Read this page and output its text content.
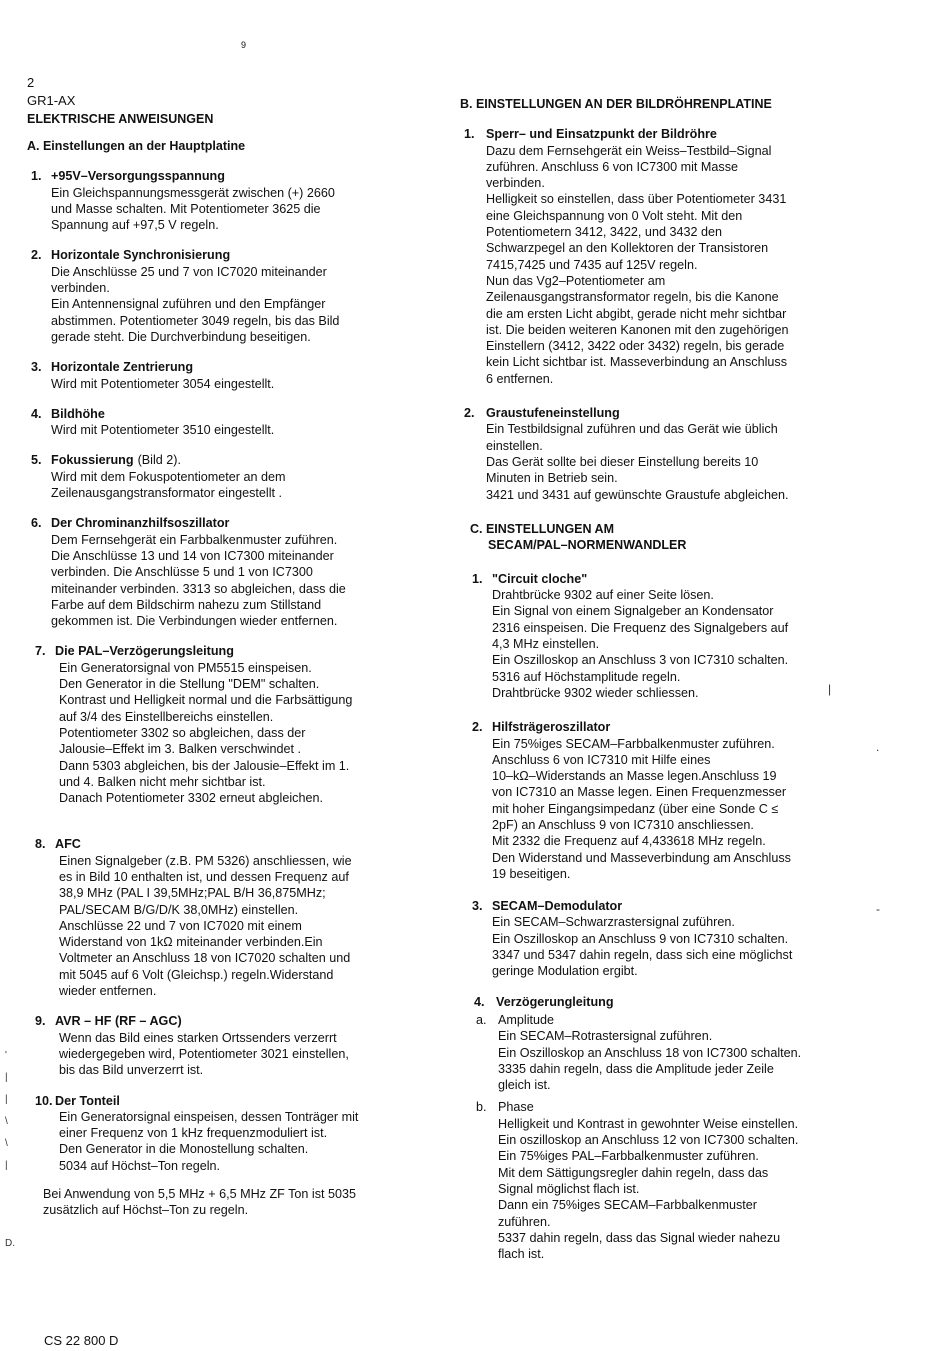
9
2
GR1-AX
ELEKTRISCHE ANWEISUNGEN
A. Einstellungen an der Hauptplatine
1. +95V–Versorgungsspannung
Ein Gleichspannungsmessgerät zwischen (+) 2660
und Masse schalten. Mit Potentiometer 3625 die
Spannung auf +97,5 V regeln.
2. Horizontale Synchronisierung
Die Anschlüsse 25 und 7 von IC7020 miteinander
verbinden.
Ein Antennensignal zuführen und den Empfänger
abstimmen. Potentiometer 3049 regeln, bis das Bild
gerade steht. Die Durchverbindung beseitigen.
3. Horizontale Zentrierung
Wird mit Potentiometer 3054 eingestellt.
4. Bildhöhe
Wird mit Potentiometer 3510 eingestellt.
5. Fokussierung (Bild 2).
Wird mit dem Fokuspotentiometer an dem
Zeilenausgangstransformator eingestellt .
6. Der Chrominanzhilfsoszillator
Dem Fernsehgerät ein Farbbalkenmuster zuführen.
Die Anschlüsse 13 und 14 von IC7300 miteinander
verbinden. Die Anschlüsse 5 und 1 von IC7300
miteinander verbinden. 3313 so abgleichen, dass die
Farbe auf dem Bildschirm nahezu zum Stillstand
gekommen ist. Die Verbindungen wieder entfernen.
7. Die PAL–Verzögerungsleitung
Ein Generatorsignal von PM5515 einspeisen.
Den Generator in die Stellung "DEM" schalten.
Kontrast und Helligkeit normal und die Farbsättigung
auf 3/4 des Einstellbereichs einstellen.
Potentiometer 3302 so abgleichen, dass der
Jalousie–Effekt im 3. Balken verschwindet .
Dann 5303 abgleichen, bis der Jalousie–Effekt im 1.
und 4. Balken nicht mehr sichtbar ist.
Danach Potentiometer 3302 erneut abgleichen.
8. AFC
Einen Signalgeber (z.B. PM 5326) anschliessen, wie
es in Bild 10 enthalten ist, und dessen Frequenz auf
38,9 MHz (PAL I 39,5MHz;PAL B/H 36,875MHz;
PAL/SECAM B/G/D/K 38,0MHz) einstellen.
Anschlüsse 22 und 7 von IC7020 mit einem
Widerstand von 1kΩ miteinander verbinden.Ein
Voltmeter an Anschluss 18 von IC7020 schalten und
mit 5045 auf 6 Volt (Gleichsp.) regeln.Widerstand
wieder entfernen.
9. AVR – HF (RF – AGC)
Wenn das Bild eines starken Ortssenders verzerrt
wiedergegeben wird, Potentiometer 3021 einstellen,
bis das Bild unverzerrt ist.
10. Der Tonteil
Ein Generatorsignal einspeisen, dessen Tonträger mit
einer Frequenz von 1 kHz frequenzmoduliert ist.
Den Generator in die Monostellung schalten.
5034 auf Höchst–Ton regeln.
Bei Anwendung von 5,5 MHz + 6,5 MHz ZF Ton ist 5035
zusätzlich auf Höchst–Ton zu regeln.
B. EINSTELLUNGEN AN DER BILDRÖHRENPLATINE
1. Sperr– und Einsatzpunkt der Bildröhre
Dazu dem Fernsehgerät ein Weiss–Testbild–Signal
zuführen. Anschluss 6 von IC7300 mit Masse
verbinden.
Helligkeit so einstellen, dass über Potentiometer 3431
eine Gleichspannung von 0 Volt steht. Mit den
Potentiometern 3412, 3422, und 3432 den
Schwarzpegel an den Kollektoren der Transistoren
7415,7425 und 7435 auf 125V regeln.
Nun das Vg2–Potentiometer am
Zeilenausgangstransformator regeln, bis die Kanone
die am ersten Licht abgibt, gerade nicht mehr sichtbar
ist. Die beiden weiteren Kanonen mit den zugehörigen
Einstellern (3412, 3422 oder 3432) regeln, bis gerade
kein Licht sichtbar ist. Masseverbindung an Anschluss
6 entfernen.
2. Graustufeneinstellung
Ein Testbildsignal zuführen und das Gerät wie üblich
einstellen.
Das Gerät sollte bei dieser Einstellung bereits 10
Minuten in Betrieb sein.
3421 und 3431 auf gewünschte Graustufe abgleichen.
C. EINSTELLUNGEN AM
SECAM/PAL–NORMENWANDLER
1. "Circuit cloche"
Drahtbrücke 9302 auf einer Seite lösen.
Ein Signal von einem Signalgeber an Kondensator
2316 einspeisen. Die Frequenz des Signalgebers auf
4,3 MHz einstellen.
Ein Oszilloskop an Anschluss 3 von IC7310 schalten.
5316 auf Höchstamplitude regeln.
Drahtbrücke 9302 wieder schliessen.
2. Hilfsträgeroszillator
Ein 75%iges SECAM–Farbbalkenmuster zuführen.
Anschluss 6 von IC7310 mit Hilfe eines
10–kΩ–Widerstands an Masse legen.Anschluss 19
von IC7310 an Masse legen. Einen Frequenzmesser
mit hoher Eingangsimpedanz (über eine Sonde C ≤
2pF) an Anschluss 9 von IC7310 anschliessen.
Mit 2332 die Frequenz auf 4,433618 MHz regeln.
Den Widerstand und Masseverbindung am Anschluss
19 beseitigen.
3. SECAM–Demodulator
Ein SECAM–Schwarzrastersignal zuführen.
Ein Oszilloskop an Anschluss 9 von IC7310 schalten.
3347 und 5347 dahin regeln, dass sich eine möglichst
geringe Modulation ergibt.
4. Verzögerungleitung
a. Amplitude
Ein SECAM–Rotrastersignal zuführen.
Ein Oszilloskop an Anschluss 18 von IC7300 schalten.
3335 dahin regeln, dass die Amplitude jeder Zeile
gleich ist.
b. Phase
Helligkeit und Kontrast in gewohnter Weise einstellen.
Ein oszilloskop an Anschluss 12 von IC7300 schalten.
Ein 75%iges PAL–Farbbalkenmuster zuführen.
Mit dem Sättigungsregler dahin regeln, dass das
Signal möglichst flach ist.
Dann ein 75%iges SECAM–Farbbalkenmuster
zuführen.
5337 dahin regeln, dass das Signal wieder nahezu
flach ist.
|
.
-
'
|
|
\
\
|
D.
CS 22 800 D
